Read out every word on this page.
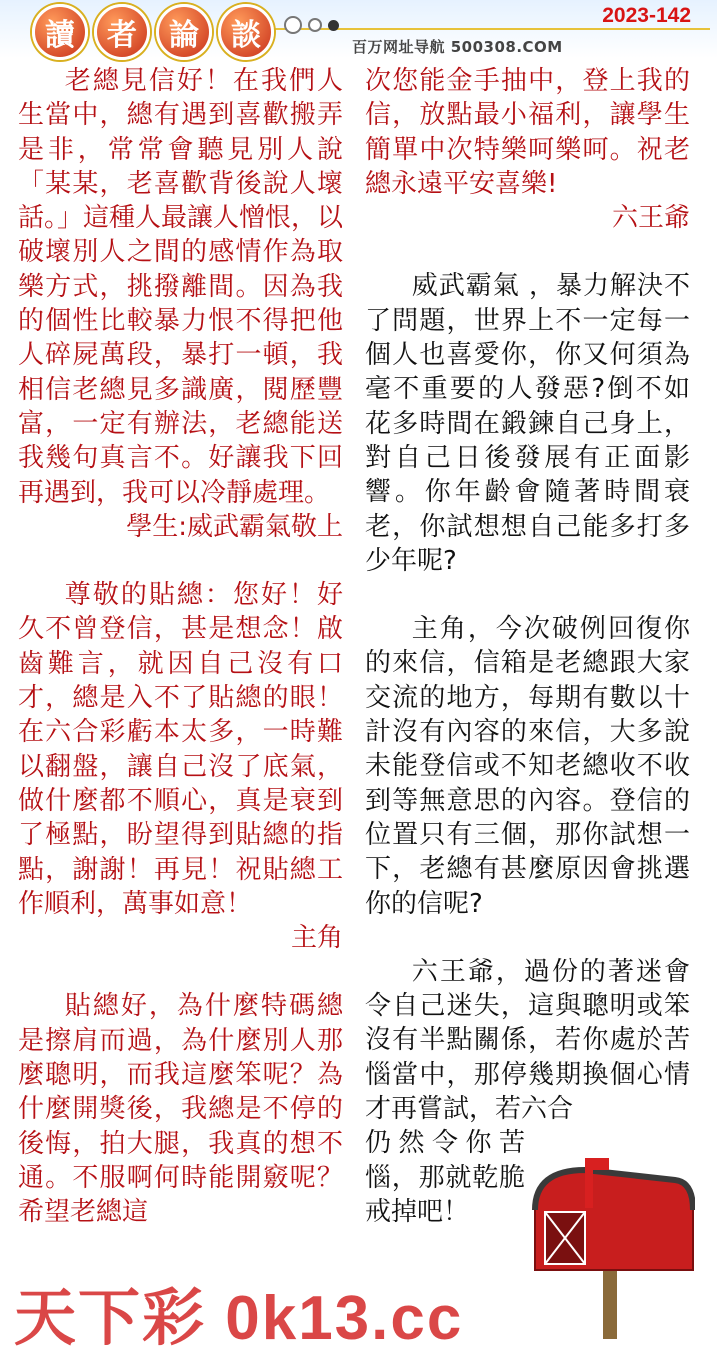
讀	者	論	談
2023-142
百万网址导航 500308.COM
老總見信好！在我們人生當中，總有遇到喜歡搬弄是非，常常會聽見別人說「某某，老喜歡背後說人壞話。」這種人最讓人憎恨，以破壞別人之間的感情作為取樂方式，挑撥離間。因為我的個性比較暴力恨不得把他人碎屍萬段，暴打一頓，我相信老總見多識廣，閱歷豐富，一定有辦法，老總能送我幾句真言不。好讓我下回再遇到，我可以冷靜處理。
學生:威武霸氣敬上
尊敬的貼總：您好！好久不曾登信，甚是想念！啟齒難言，就因自己沒有口才，總是入不了貼總的眼！在六合彩虧本太多，一時難以翻盤，讓自己沒了底氣，做什麼都不順心，真是衰到了極點，盼望得到貼總的指點，謝謝！再見！祝貼總工作順利，萬事如意！
主角
貼總好，為什麼特碼總是擦肩而過，為什麼別人那麼聰明，而我這麼笨呢？為什麼開獎後，我總是不停的後悔，拍大腿，我真的想不通。不服啊何時能開竅呢？希望老總這
次您能金手抽中，登上我的信，放點最小福利，讓學生簡單中次特樂呵樂呵。祝老總永遠平安喜樂!
六王爺
威武霸氣 ，暴力解決不了問題，世界上不一定每一個人也喜愛你，你又何須為毫不重要的人發惡?倒不如花多時間在鍛鍊自己身上，對自己日後發展有正面影響。你年齡會隨著時間衰老，你試想想自己能多打多少年呢?
主角，今次破例回復你的來信，信箱是老總跟大家交流的地方，每期有數以十計沒有內容的來信，大多說未能登信或不知老總收不收到等無意思的內容。登信的位置只有三個，那你試想一下，老總有甚麼原因會挑選你的信呢?
六王爺，過份的著迷會令自己迷失，這與聰明或笨沒有半點關係，若你處於苦惱當中，那停幾期換個心情才再嘗試，若六合
仍然令你苦惱，那就乾脆戒掉吧！
天下彩 0k13.cc
